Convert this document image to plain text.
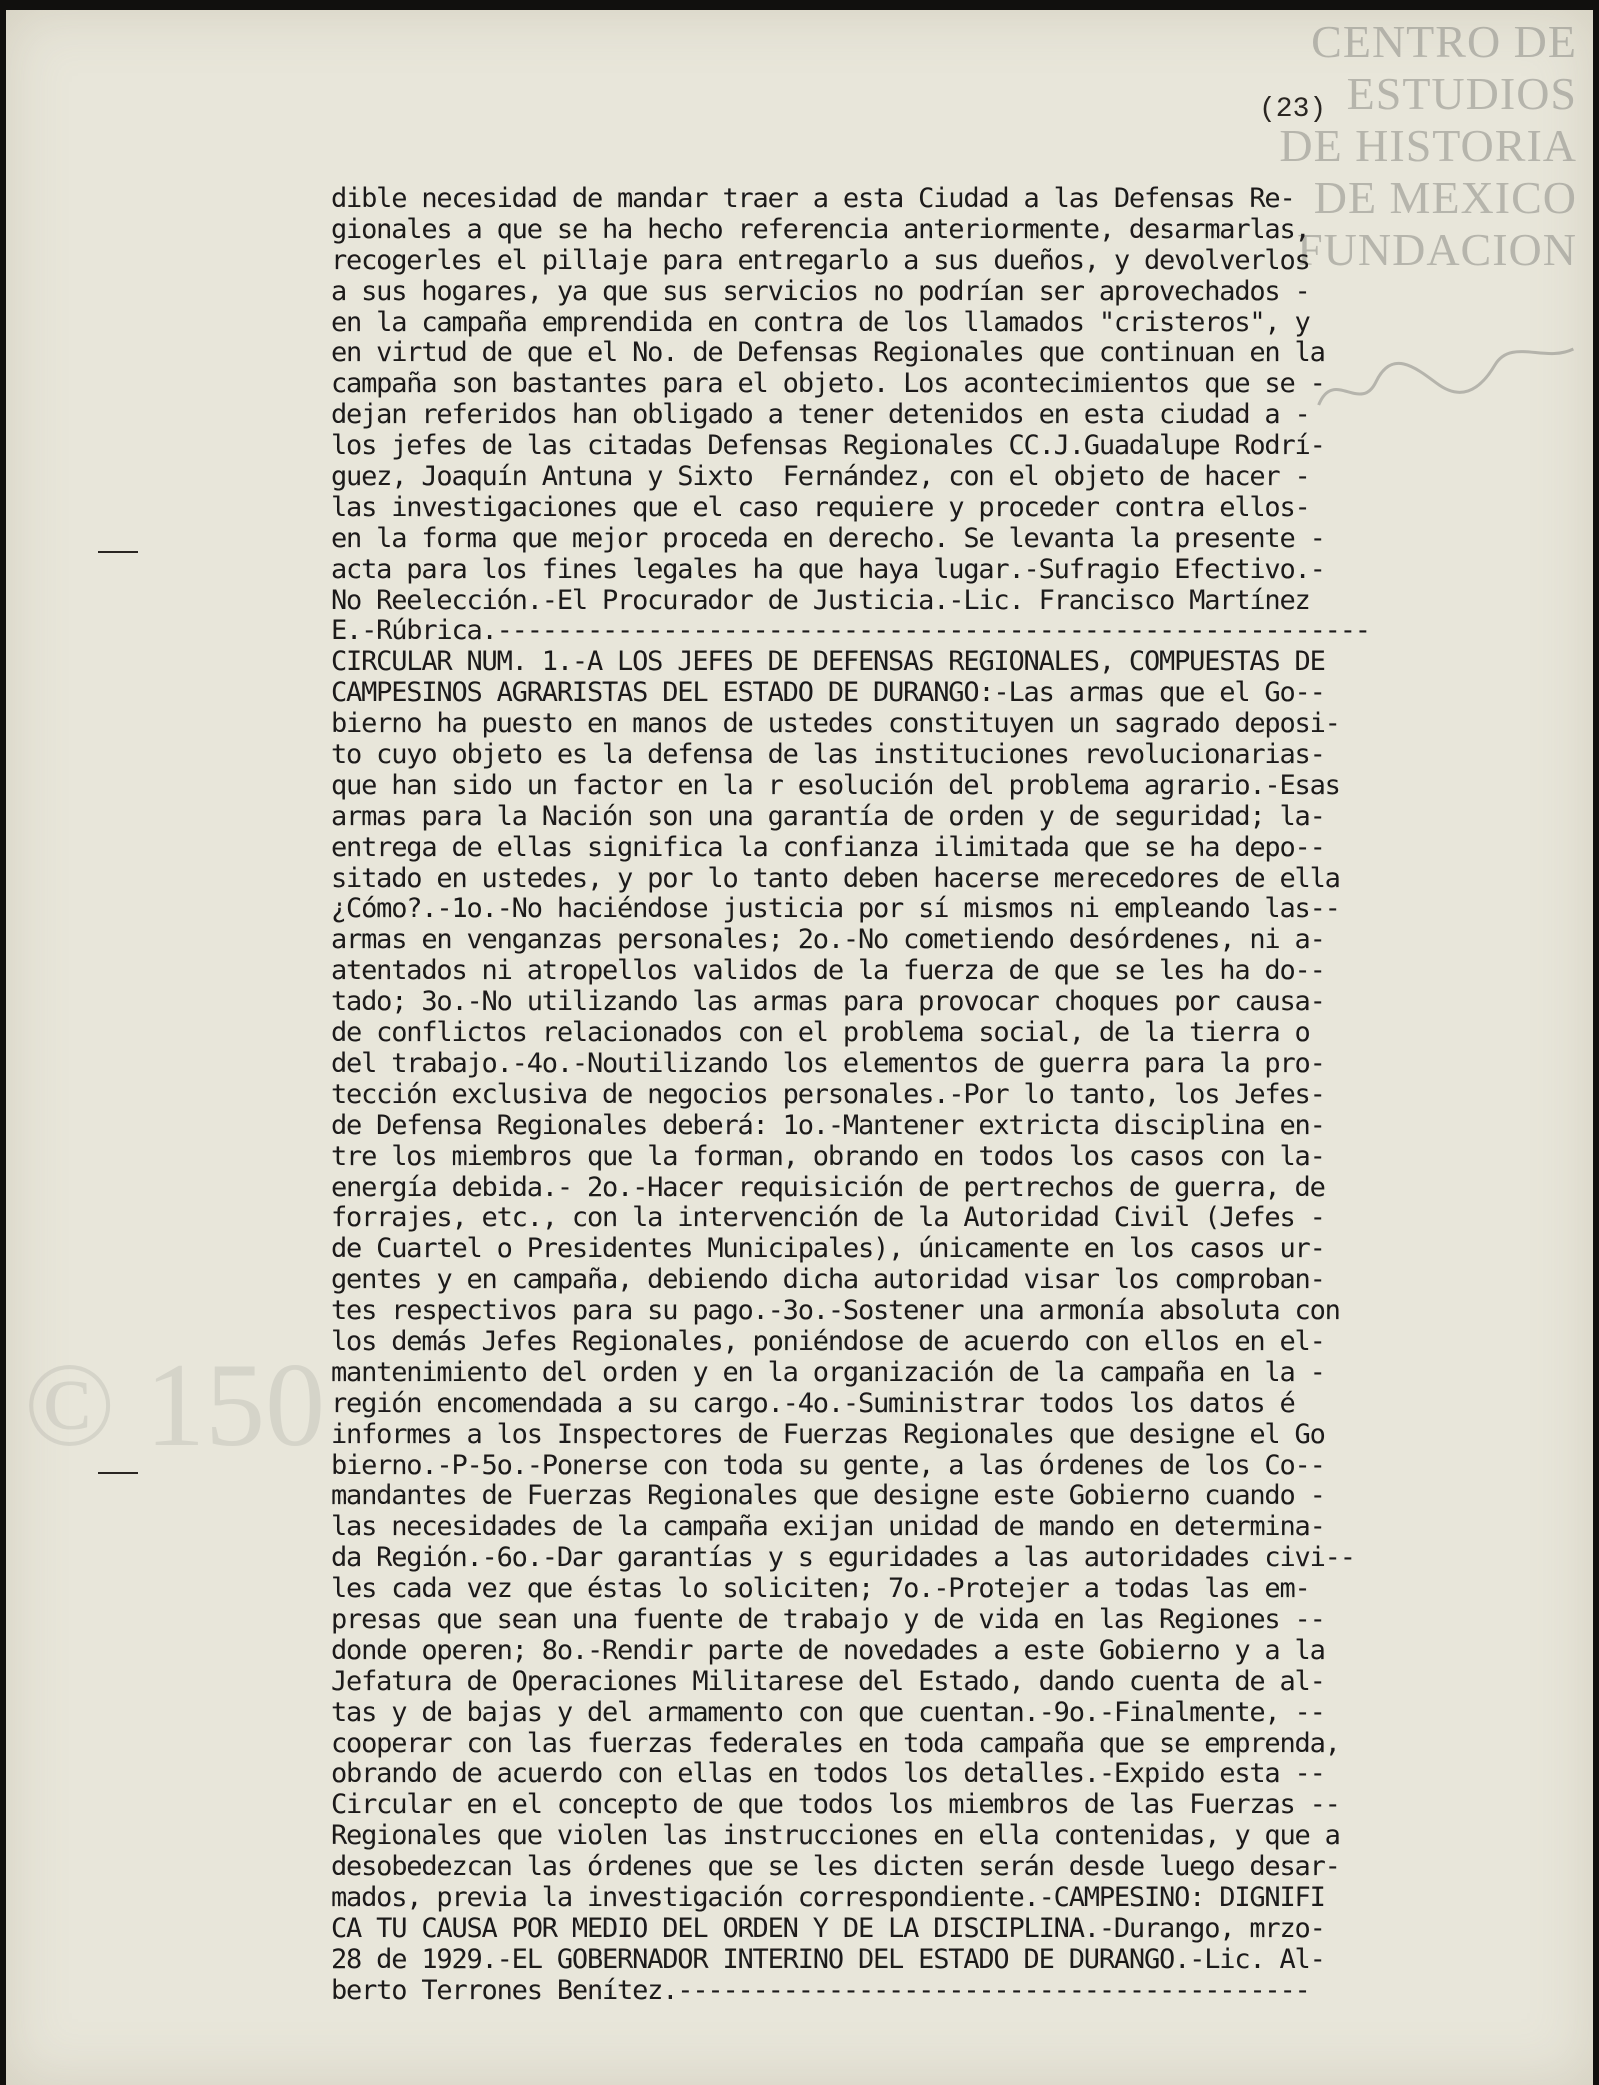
CENTRO DE
ESTUDIOS
DE HISTORIA
DE MEXICO
FUNDACION
(23)
© 150
dible necesidad de mandar traer a esta Ciudad a las Defensas Re-
gionales a que se ha hecho referencia anteriormente, desarmarlas,
recogerles el pillaje para entregarlo a sus dueños, y devolverlos
a sus hogares, ya que sus servicios no podrían ser aprovechados -
en la campaña emprendida en contra de los llamados "cristeros", y
en virtud de que el No. de Defensas Regionales que continuan en la
campaña son bastantes para el objeto. Los acontecimientos que se -
dejan referidos han obligado a tener detenidos en esta ciudad a -
los jefes de las citadas Defensas Regionales CC.J.Guadalupe Rodrí-
guez, Joaquín Antuna y Sixto  Fernández, con el objeto de hacer -
las investigaciones que el caso requiere y proceder contra ellos-
en la forma que mejor proceda en derecho. Se levanta la presente -
acta para los fines legales ha que haya lugar.-Sufragio Efectivo.-
No Reelección.-El Procurador de Justicia.-Lic. Francisco Martínez
E.-Rúbrica.----------------------------------------------------------
CIRCULAR NUM. 1.-A LOS JEFES DE DEFENSAS REGIONALES, COMPUESTAS DE
CAMPESINOS AGRARISTAS DEL ESTADO DE DURANGO:-Las armas que el Go--
bierno ha puesto en manos de ustedes constituyen un sagrado deposi-
to cuyo objeto es la defensa de las instituciones revolucionarias-
que han sido un factor en la r esolución del problema agrario.-Esas
armas para la Nación son una garantía de orden y de seguridad; la-
entrega de ellas significa la confianza ilimitada que se ha depo--
sitado en ustedes, y por lo tanto deben hacerse merecedores de ella
¿Cómo?.-1o.-No haciéndose justicia por sí mismos ni empleando las--
armas en venganzas personales; 2o.-No cometiendo desórdenes, ni a-
atentados ni atropellos validos de la fuerza de que se les ha do--
tado; 3o.-No utilizando las armas para provocar choques por causa-
de conflictos relacionados con el problema social, de la tierra o
del trabajo.-4o.-Noutilizando los elementos de guerra para la pro-
tección exclusiva de negocios personales.-Por lo tanto, los Jefes-
de Defensa Regionales deberá: 1o.-Mantener extricta disciplina en-
tre los miembros que la forman, obrando en todos los casos con la-
energía debida.- 2o.-Hacer requisición de pertrechos de guerra, de
forrajes, etc., con la intervención de la Autoridad Civil (Jefes -
de Cuartel o Presidentes Municipales), únicamente en los casos ur-
gentes y en campaña, debiendo dicha autoridad visar los comproban-
tes respectivos para su pago.-3o.-Sostener una armonía absoluta con
los demás Jefes Regionales, poniéndose de acuerdo con ellos en el-
mantenimiento del orden y en la organización de la campaña en la -
región encomendada a su cargo.-4o.-Suministrar todos los datos é
informes a los Inspectores de Fuerzas Regionales que designe el Go
bierno.-P-5o.-Ponerse con toda su gente, a las órdenes de los Co--
mandantes de Fuerzas Regionales que designe este Gobierno cuando -
las necesidades de la campaña exijan unidad de mando en determina-
da Región.-6o.-Dar garantías y s eguridades a las autoridades civi--
les cada vez que éstas lo soliciten; 7o.-Protejer a todas las em-
presas que sean una fuente de trabajo y de vida en las Regiones --
donde operen; 8o.-Rendir parte de novedades a este Gobierno y a la
Jefatura de Operaciones Militarese del Estado, dando cuenta de al-
tas y de bajas y del armamento con que cuentan.-9o.-Finalmente, --
cooperar con las fuerzas federales en toda campaña que se emprenda,
obrando de acuerdo con ellas en todos los detalles.-Expido esta --
Circular en el concepto de que todos los miembros de las Fuerzas --
Regionales que violen las instrucciones en ella contenidas, y que a
desobedezcan las órdenes que se les dicten serán desde luego desar-
mados, previa la investigación correspondiente.-CAMPESINO: DIGNIFI
CA TU CAUSA POR MEDIO DEL ORDEN Y DE LA DISCIPLINA.-Durango, mrzo-
28 de 1929.-EL GOBERNADOR INTERINO DEL ESTADO DE DURANGO.-Lic. Al-
berto Terrones Benítez.------------------------------------------
